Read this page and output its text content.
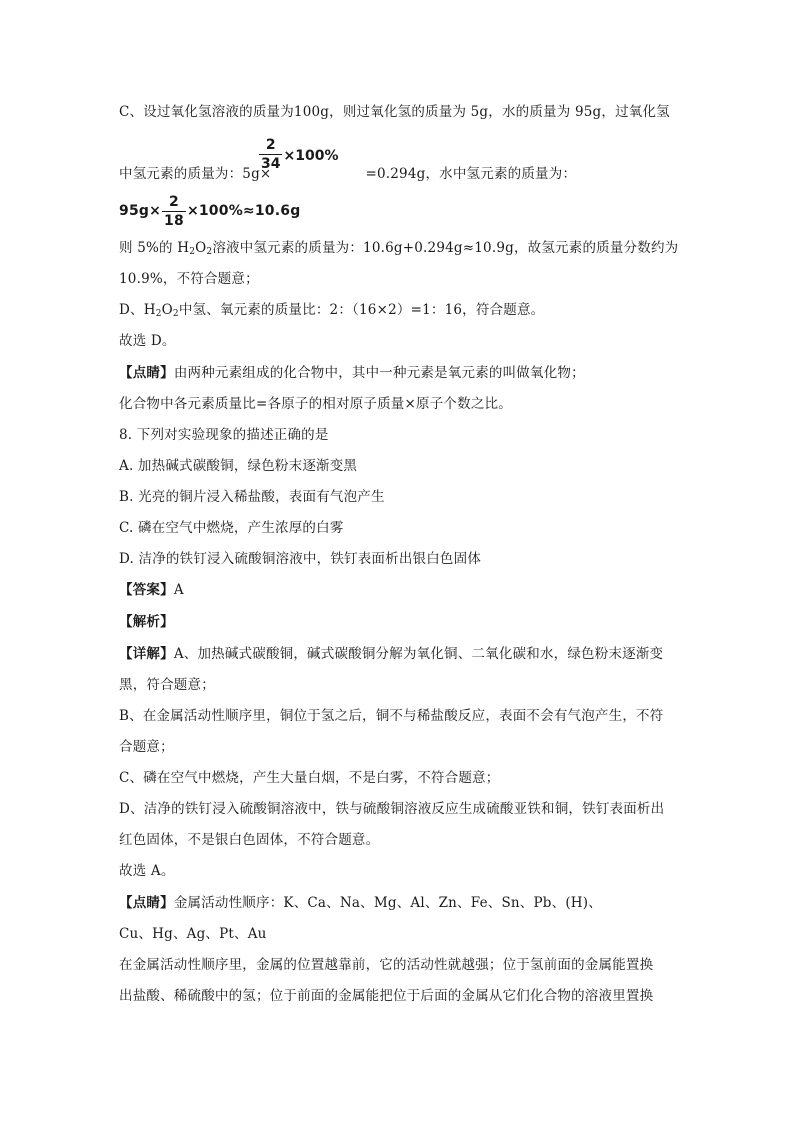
C、设过氧化氢溶液的质量为100g，则过氧化氢的质量为 5g，水的质量为 95g，过氧化氢
$\frac{2}{34} \times 100\%$
中氢元素的质量为：5g×	=0.294g，水中氢元素的质量为：
$95g\times \frac{2}{18} \times 100\%\approx 10.6g$
则 5%的 $H_2O_2$溶液中氢元素的质量为：10.6g+0.294g≈10.9g，故氢元素的质量分数约为
10.9%，不符合题意；
D、$H_2O_2$中氢、氧元素的质量比：2：（16×2）=1：16，符合题意。
故选 D。
【点睛】由两种元素组成的化合物中，其中一种元素是氧元素的叫做氧化物；
化合物中各元素质量比=各原子的相对原子质量×原子个数之比。
8. 下列对实验现象的描述正确的是
A. 加热碱式碳酸铜，绿色粉末逐渐变黑
B. 光亮的铜片浸入稀盐酸，表面有气泡产生
C. 磷在空气中燃烧，产生浓厚的白雾
D. 洁净的铁钉浸入硫酸铜溶液中，铁钉表面析出银白色固体
【答案】A
【解析】
【详解】A、加热碱式碳酸铜，碱式碳酸铜分解为氧化铜、二氧化碳和水，绿色粉末逐渐变
黑，符合题意；
B、在金属活动性顺序里，铜位于氢之后，铜不与稀盐酸反应，表面不会有气泡产生，不符
合题意；
C、磷在空气中燃烧，产生大量白烟，不是白雾，不符合题意；
D、洁净的铁钉浸入硫酸铜溶液中，铁与硫酸铜溶液反应生成硫酸亚铁和铜，铁钉表面析出
红色固体，不是银白色固体，不符合题意。
故选 A。
【点睛】金属活动性顺序：K、Ca、Na、Mg、Al、Zn、Fe、Sn、Pb、(H)、
Cu、Hg、Ag、Pt、Au
在金属活动性顺序里，金属的位置越靠前，它的活动性就越强；位于氢前面的金属能置换
出盐酸、稀硫酸中的氢；位于前面的金属能把位于后面的金属从它们化合物的溶液里置换
